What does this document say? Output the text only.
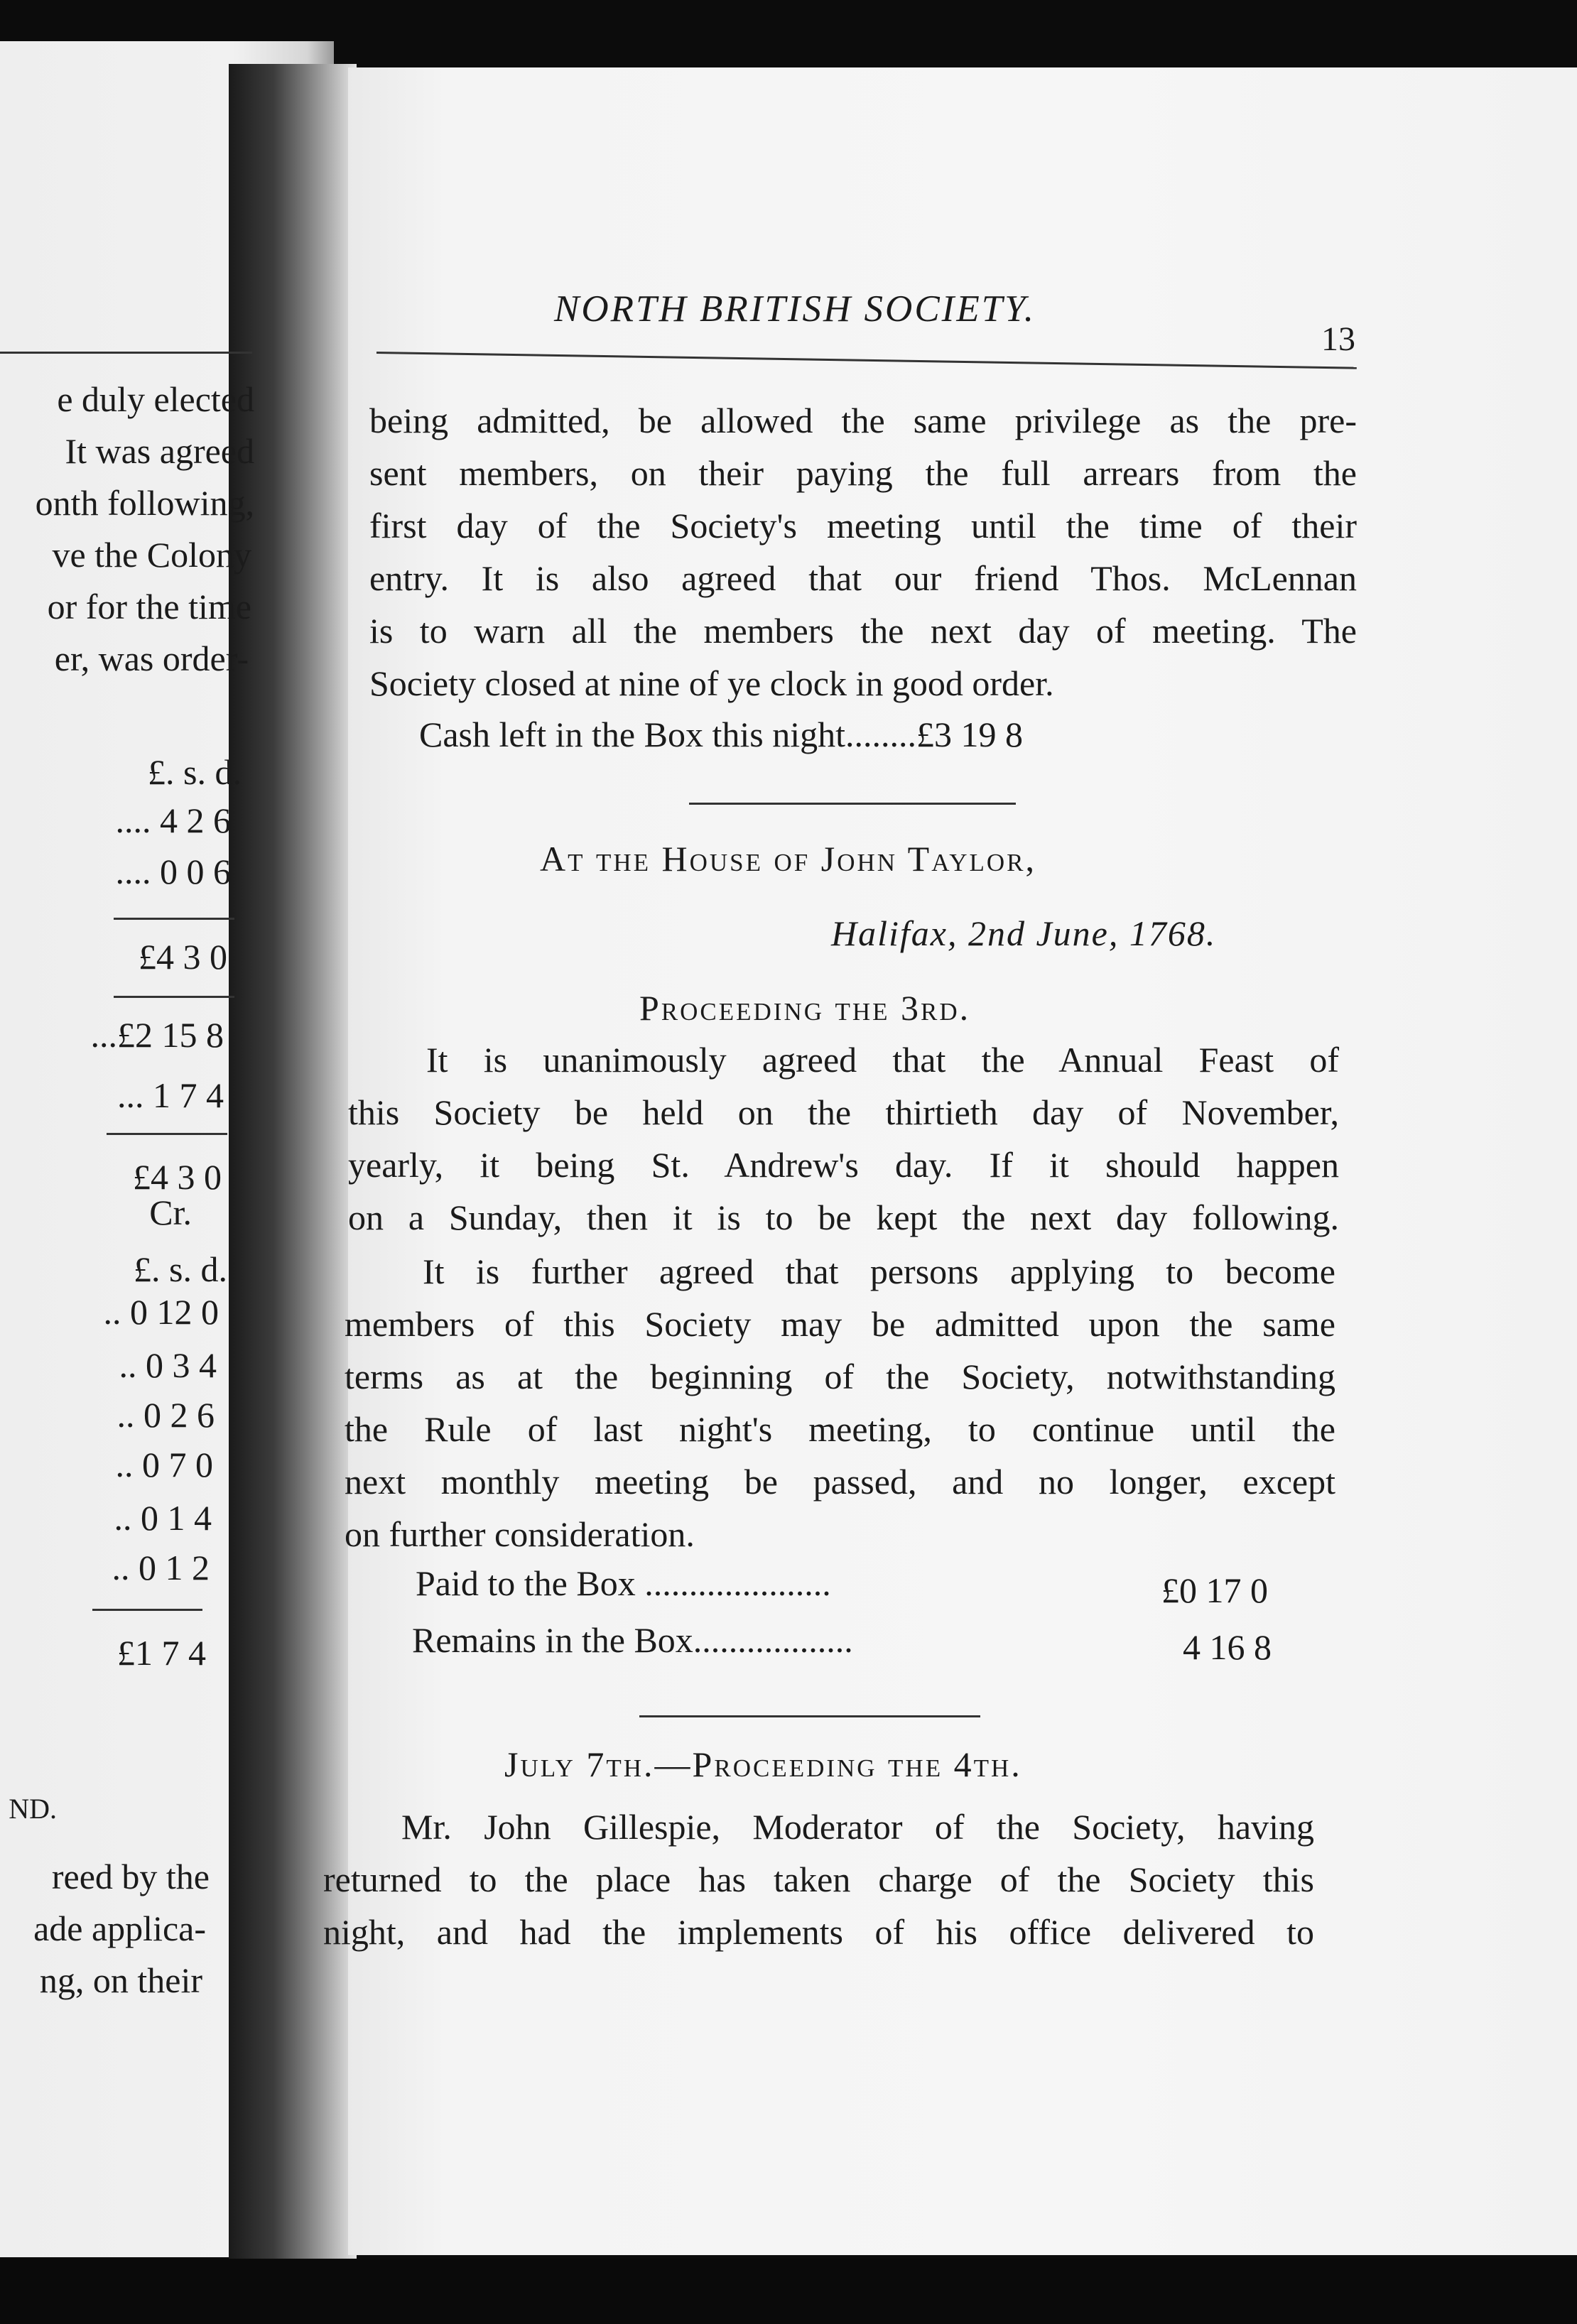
e duly elected
It was agreed
onth following,
ve the Colony
or for the time
er, was order-
£. s. d.
.... 4 2 6
.... 0 0 6
£4 3 0
...£2 15 8
... 1 7 4
£4 3 0
Cr.
£. s. d.
.. 0 12 0
.. 0 3 4
.. 0 2 6
.. 0 7 0
.. 0 1 4
.. 0 1 2
£1 7 4
ND.
reed by the
ade applica-
ng, on their
NORTH BRITISH SOCIETY.
13

being admitted, be allowed the same privilege as the pre-

sent members, on their paying the full arrears from the

first day of the Society's meeting until the time of their

entry. It is also agreed that our friend Thos. McLennan

is to warn all the members the next day of meeting. The

Society closed at nine of ye clock in good order.

Cash left in the Box this night........£3 19 8
At the House of John Taylor,
Halifax, 2nd June, 1768.
Proceeding the 3rd.

It is unanimously agreed that the Annual Feast of

this Society be held on the thirtieth day of November,

yearly, it being St. Andrew's day. If it should happen

on a Sunday, then it is to be kept the next day following.

It is further agreed that persons applying to become

members of this Society may be admitted upon the same

terms as at the beginning of the Society, notwithstanding

the Rule of last night's meeting, to continue until the

next monthly meeting be passed, and no longer, except

on further consideration.

Paid to the Box .....................	£0 17 0
Remains in the Box..................	4 16 8
July 7th.—Proceeding the 4th.

Mr. John Gillespie, Moderator of the Society, having

returned to the place has taken charge of the Society this

night, and had the implements of his office delivered to
